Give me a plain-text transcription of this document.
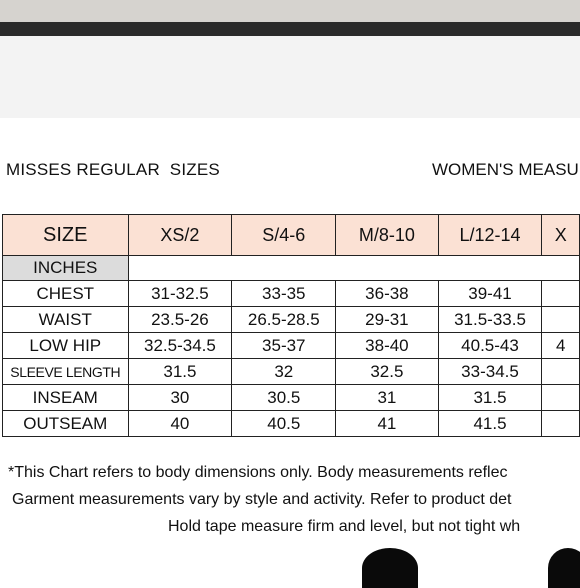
MISSES REGULAR  SIZES	WOMEN'S MEASU
SIZE	XS/2	S/4-6	M/8-10	L/12-14	X
INCHES					
CHEST	31-32.5	33-35	36-38	39-41	
WAIST	23.5-26	26.5-28.5	29-31	31.5-33.5	
LOW HIP	32.5-34.5	35-37	38-40	40.5-43	4
SLEEVE LENGTH	31.5	32	32.5	33-34.5	
INSEAM	30	30.5	31	31.5	
OUTSEAM	40	40.5	41	41.5	
*This Chart refers to body dimensions only. Body measurements reflec
Garment measurements vary by style and activity. Refer to product det
Hold tape measure firm and level, but not tight wh
